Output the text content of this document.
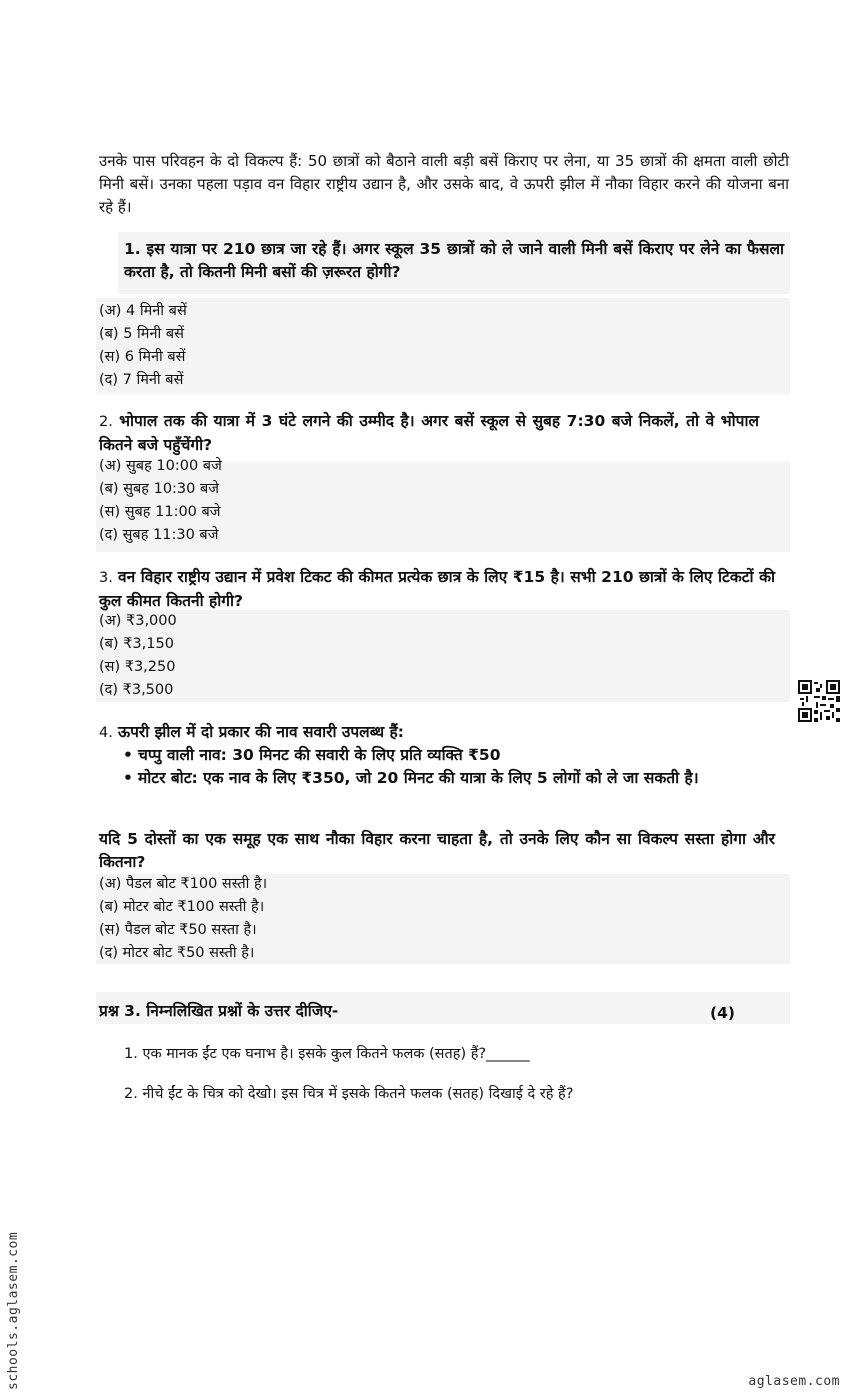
उनके पास परिवहन के दो विकल्प हैं: 50 छात्रों को बैठाने वाली बड़ी बसें किराए पर लेना, या 35 छात्रों की क्षमता वाली छोटी मिनी बसें। उनका पहला पड़ाव वन विहार राष्ट्रीय उद्यान है, और उसके बाद, वे ऊपरी झील में नौका विहार करने की योजना बना रहे हैं।
1. इस यात्रा पर 210 छात्र जा रहे हैं। अगर स्कूल 35 छात्रों को ले जाने वाली मिनी बसें किराए पर लेने का फैसला करता है, तो कितनी मिनी बसों की ज़रूरत होगी?
(अ) 4 मिनी बसें
(ब) 5 मिनी बसें
(स) 6 मिनी बसें
(द) 7 मिनी बसें
2. भोपाल तक की यात्रा में 3 घंटे लगने की उम्मीद है। अगर बसें स्कूल से सुबह 7:30 बजे निकलें, तो वे भोपाल कितने बजे पहुँचेंगी?
(अ) सुबह 10:00 बजे
(ब) सुबह 10:30 बजे
(स) सुबह 11:00 बजे
(द) सुबह 11:30 बजे
3. वन विहार राष्ट्रीय उद्यान में प्रवेश टिकट की कीमत प्रत्येक छात्र के लिए ₹15 है। सभी 210 छात्रों के लिए टिकटों की कुल कीमत कितनी होगी?
(अ) ₹3,000
(ब) ₹3,150
(स) ₹3,250
(द) ₹3,500
4. ऊपरी झील में दो प्रकार की नाव सवारी उपलब्ध हैं:
• चप्पु वाली नाव: 30 मिनट की सवारी के लिए प्रति व्यक्ति ₹50
• मोटर बोट: एक नाव के लिए ₹350, जो 20 मिनट की यात्रा के लिए 5 लोगों को ले जा सकती है।
यदि 5 दोस्तों का एक समूह एक साथ नौका विहार करना चाहता है, तो उनके लिए कौन सा विकल्प सस्ता होगा और कितना?
(अ) पैडल बोट ₹100 सस्ती है।
(ब) मोटर बोट ₹100 सस्ती है।
(स) पैडल बोट ₹50 सस्ता है।
(द) मोटर बोट ₹50 सस्ती है।
प्रश्न 3. निम्नलिखित प्रश्नों के उत्तर दीजिए-	(4)
1. एक मानक ईंट एक घनाभ है। इसके कुल कितने फलक (सतह) हैं?______
2. नीचे ईंट के चित्र को देखो। इस चित्र में इसके कितने फलक (सतह) दिखाई दे रहे हैं?
schools.aglasem.com	aglasem.com
